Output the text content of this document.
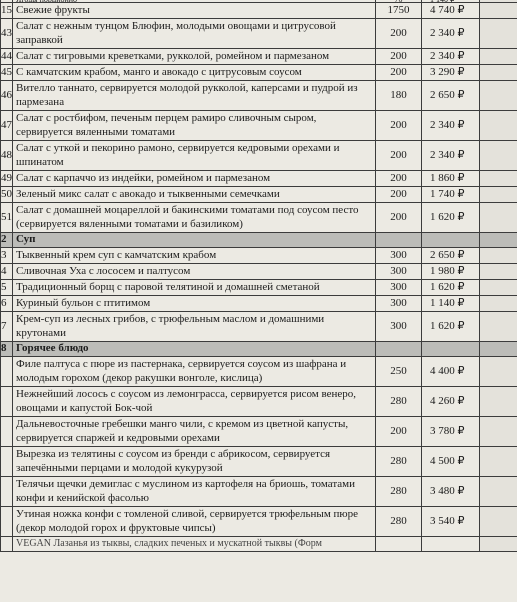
15	Свежие фрукты	1750	4 740 ₽	
43	Салат с нежным тунцом Блюфин, молодыми овощами и цитрусовой заправкой	200	2 340 ₽	
44	Салат с тигровыми креветками, рукколой, ромейном и пармезаном	200	2 340 ₽	
45	С камчатским крабом, манго и авокадо с цитрусовым соусом	200	3 290 ₽	
46	Вителло таннато, сервируется молодой рукколой, каперсами и пудрой из пармезана	180	2 650 ₽	
47	Салат с ростбифом, печеным перцем рамиро сливочным сыром, сервируется вяленными томатами	200	2 340 ₽	
48	Салат с уткой и пекорино рамоно, сервируется кедровыми орехами и шпинатом	200	2 340 ₽	
49	Салат с карпаччо из индейки, ромейном и пармезаном	200	1 860 ₽	
50	Зеленый микс салат с авокадо и тыквенными семечками	200	1 740 ₽	
51	Салат с домашней моцареллой и бакинскими томатами под соусом песто (сервируется вяленными томатами и базиликом)	200	1 620 ₽	
2	Суп			
3	Тыквенный крем суп с камчатским крабом	300	2 650 ₽	
4	Сливочная Уха с лососем и палтусом	300	1 980 ₽	
5	Традиционный борщ с паровой телятиной и домашней сметаной	300	1 620 ₽	
6	Куриный бульон с птитимом	300	1 140 ₽	
7	Крем-суп из лесных грибов, с трюфельным маслом и домашними крутонами	300	1 620 ₽	
8	Горячее блюдо			
	Филе палтуса с пюре из пастернака, сервируется соусом из шафрана и молодым горохом (декор ракушки вонголе, кислица)	250	4 400 ₽	
	Нежнейший лосось с соусом из лемонграсса, сервируется рисом венеро, овощами и капустой Бок-чой	280	4 260 ₽	
	Дальневосточные гребешки манго чили, с кремом из цветной капусты, сервируется спаржей и кедровыми орехами	200	3 780 ₽	
	Вырезка из телятины с соусом из бренди с абрикосом, сервируется запечёнными перцами и молодой кукурузой	280	4 500 ₽	
	Телячьи щечки демиглас с муслином из картофеля на бриошь, томатами конфи и кенийской фасолью	280	3 480 ₽	
	Утиная ножка конфи с томленой сливой, сервируется трюфельным пюре (декор молодой горох и фруктовые чипсы)	280	3 540 ₽	
	VEGAN Лазанья из тыквы, сладких печеных и мускатной тыквы (Форм			
